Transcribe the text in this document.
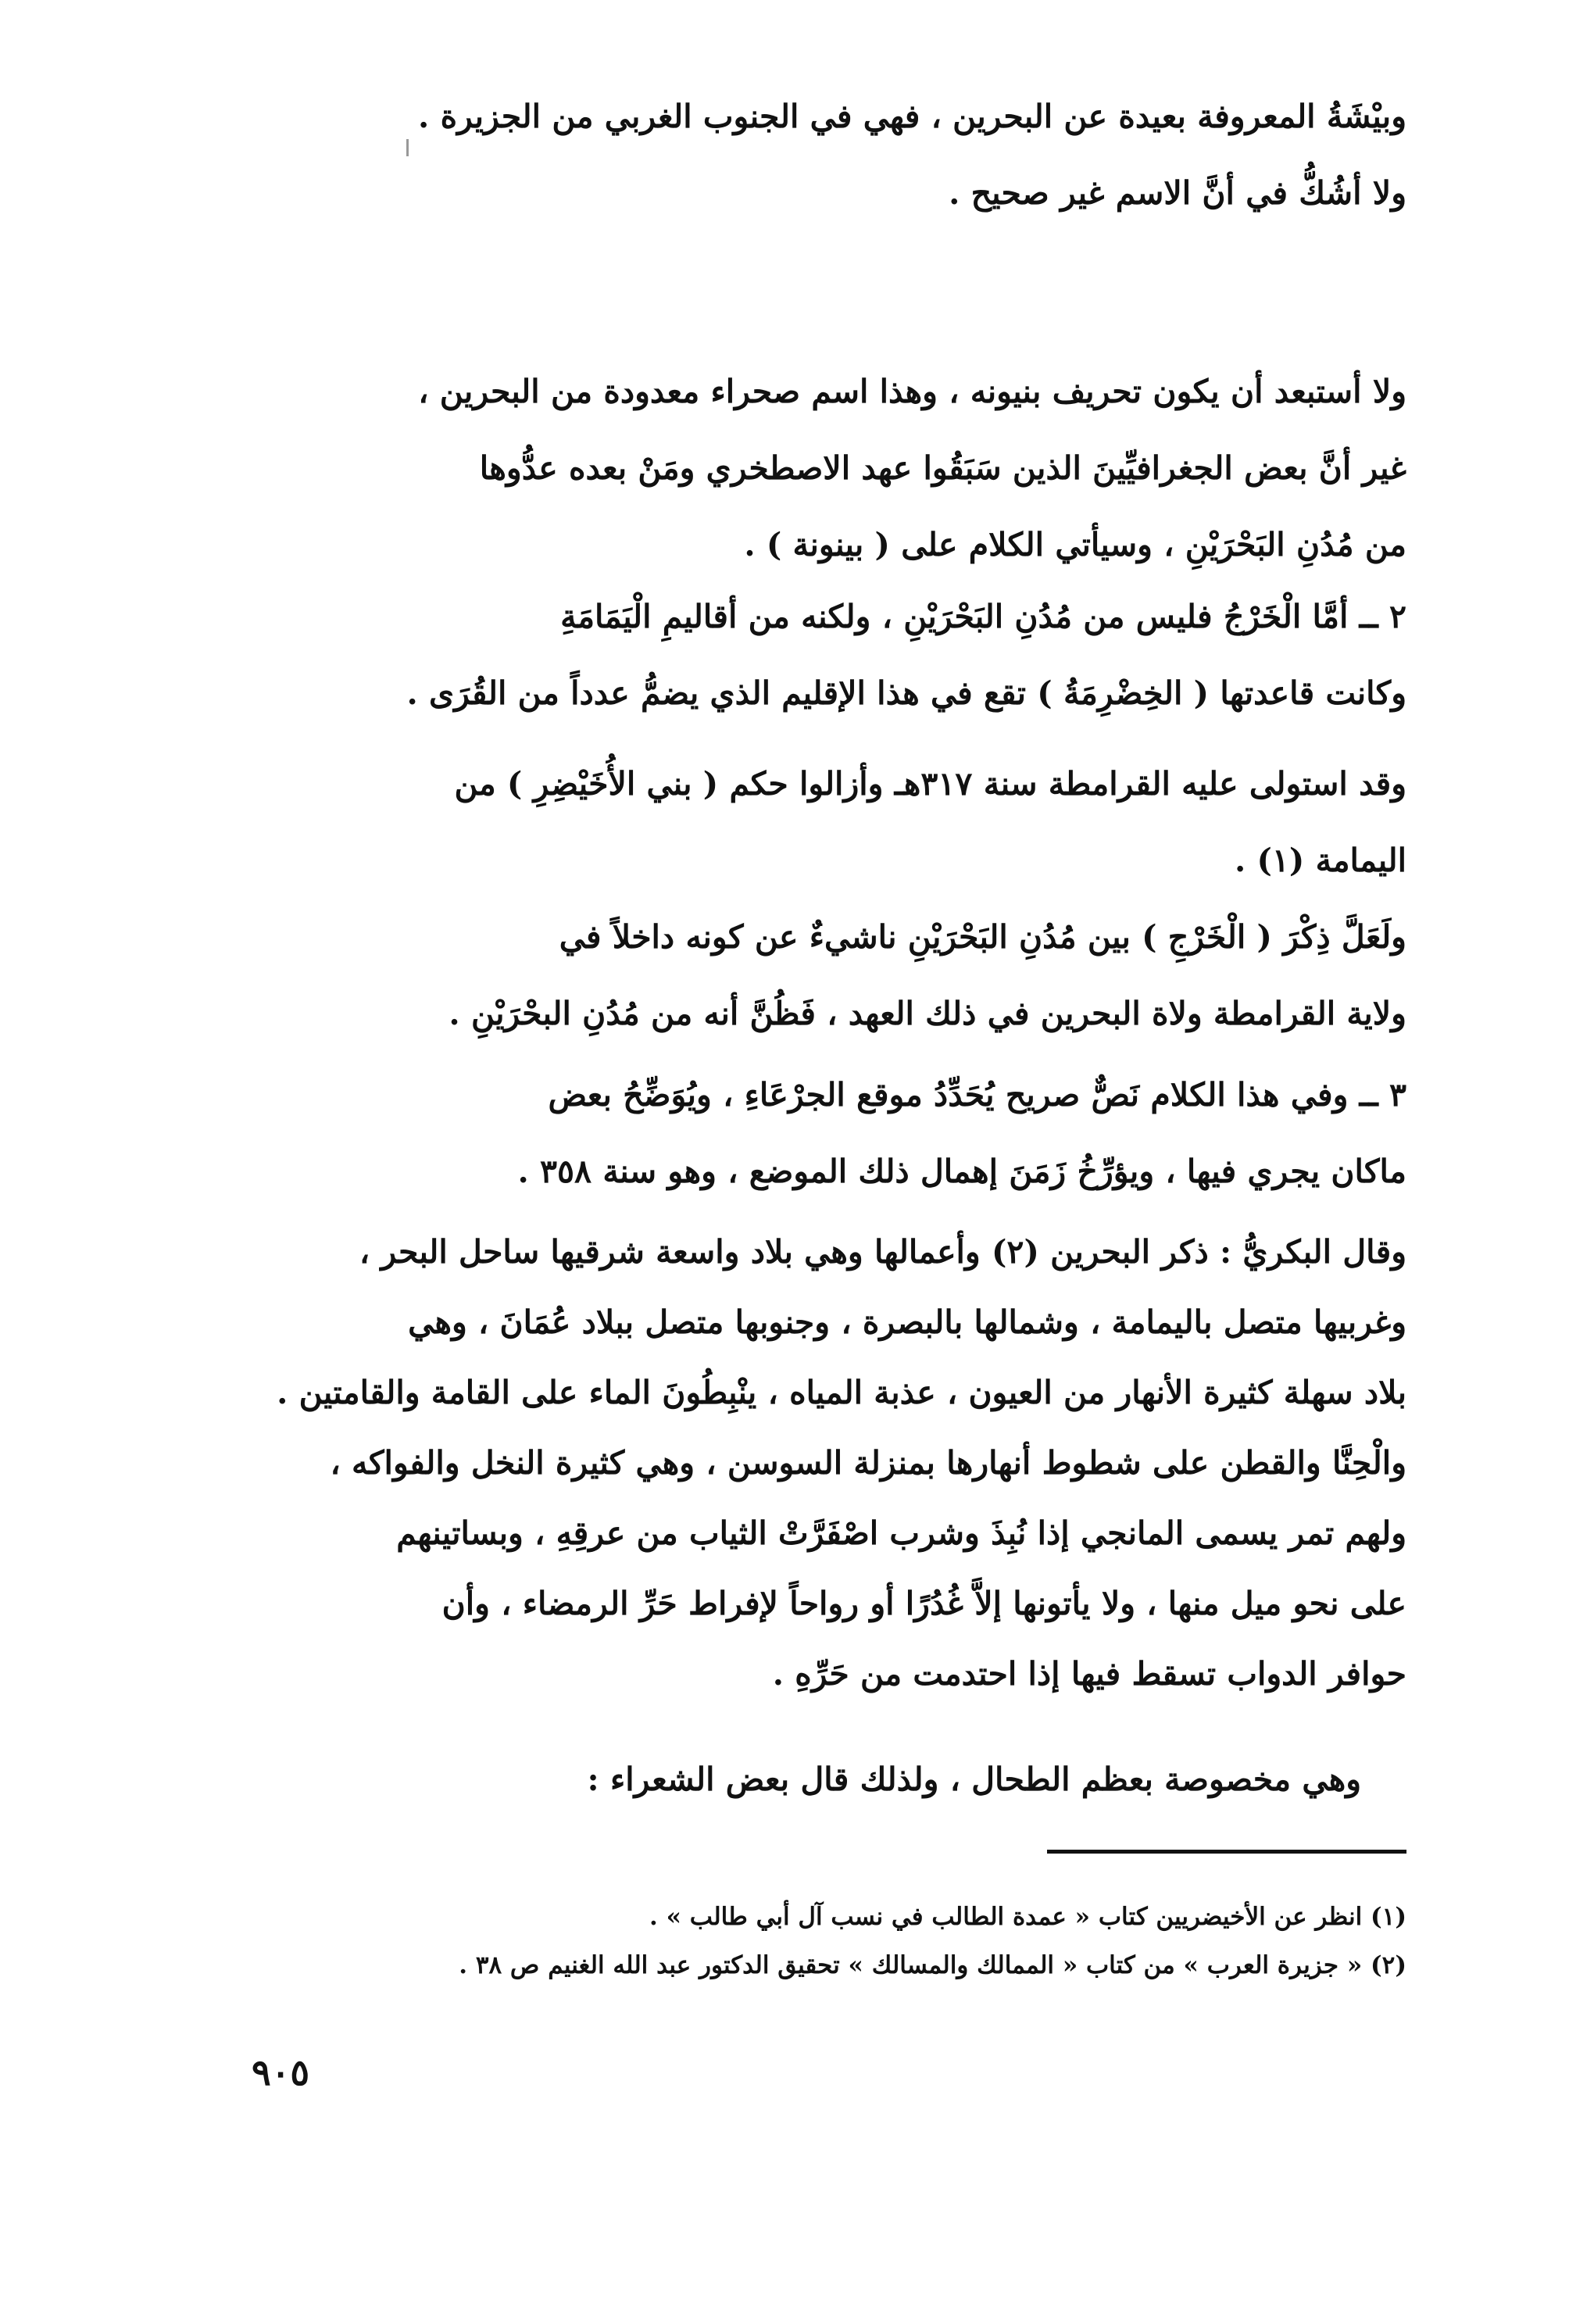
وبيْشَةُ المعروفة بعيدة عن البحرين ، فهي في الجنوب الغربي من الجزيرة .
ولا أشُكُّ في أنَّ الاسم غير صحيح .
ولا أستبعد أن يكون تحريف بنيونه ، وهذا اسم صحراء معدودة من البحرين ،
غير أنَّ بعض الجغرافيِّينَ الذين سَبَقُوا عهد الاصطخري ومَنْ بعده عدُّوها
من مُدُنِ البَحْرَيْنِ ، وسيأتي الكلام على ( بينونة ) .
٢ ــ أمَّا الْخَرْجُ فليس من مُدُنِ البَحْرَيْنِ ، ولكنه من أقاليمِ الْيَمَامَةِ
وكانت قاعدتها ( الخِضْرِمَةُ ) تقع في هذا الإقليم الذي يضمُّ عدداً من القُرَى .
وقد استولى عليه القرامطة سنة ٣١٧هـ وأزالوا حكم ( بني الأُخَيْضِرِ ) من
اليمامة (١) .
ولَعَلَّ ذِكْرَ ( الْخَرْجِ ) بين مُدُنِ البَحْرَيْنِ ناشيءٌ عن كونه داخلاً في
ولاية القرامطة ولاة البحرين في ذلك العهد ، فَظُنَّ أنه من مُدُنِ البحْرَيْنِ .
٣ ــ وفي هذا الكلام نَصٌّ صريح يُحَدِّدُ موقع الجرْعَاءِ ، ويُوَضِّحُ بعض
ماكان يجري فيها ، ويؤرِّخُ زَمَنَ إهمال ذلك الموضع ، وهو سنة ٣٥٨ .
وقال البكريُّ : ذكر البحرين (٢) وأعمالها وهي بلاد واسعة شرقيها ساحل البحر ،
وغربيها متصل باليمامة ، وشمالها بالبصرة ، وجنوبها متصل ببلاد عُمَانَ ، وهي
بلاد سهلة كثيرة الأنهار من العيون ، عذبة المياه ، ينْبِطُونَ الماء على القامة والقامتين .
والْحِنَّا والقطن على شطوط أنهارها بمنزلة السوسن ، وهي كثيرة النخل والفواكه ،
ولهم تمر يسمى المانجي إذا نُبِذَ وشرب اصْفَرَّتْ الثياب من عرقِهِ ، وبساتينهم
على نحو ميل منها ، ولا يأتونها إلاَّ غُدُرًا أو رواحاً لإفراط حَرِّ الرمضاء ، وأن
حوافر الدواب تسقط فيها إذا احتدمت من حَرِّهِ .
وهي مخصوصة بعظم الطحال ، ولذلك قال بعض الشعراء :
(١) انظر عن الأخيضريين كتاب « عمدة الطالب في نسب آل أبي طالب » .
(٢) « جزيرة العرب » من كتاب « الممالك والمسالك » تحقيق الدكتور عبد الله الغنيم ص ٣٨ .
٩٠٥
